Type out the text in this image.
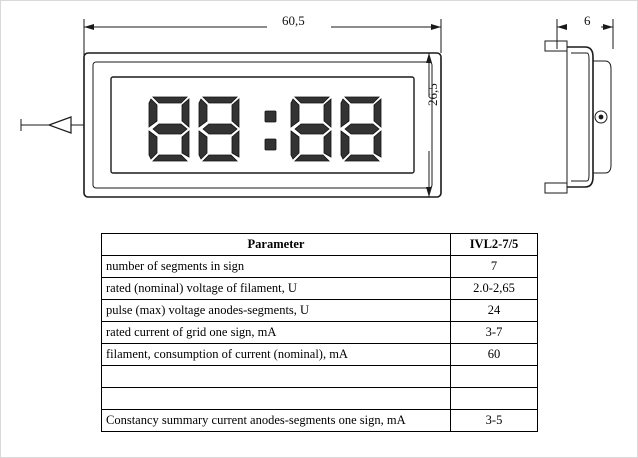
60,5	6
26,5
Parameter	IVL2-7/5
number of segments in sign	7
rated (nominal) voltage of filament, U	2.0-2,65
pulse (max) voltage anodes-segments, U	24
rated current of grid one sign, mA	3-7
filament, consumption of current (nominal), mA	60

Constancy summary current anodes-segments one sign, mA	3-5
